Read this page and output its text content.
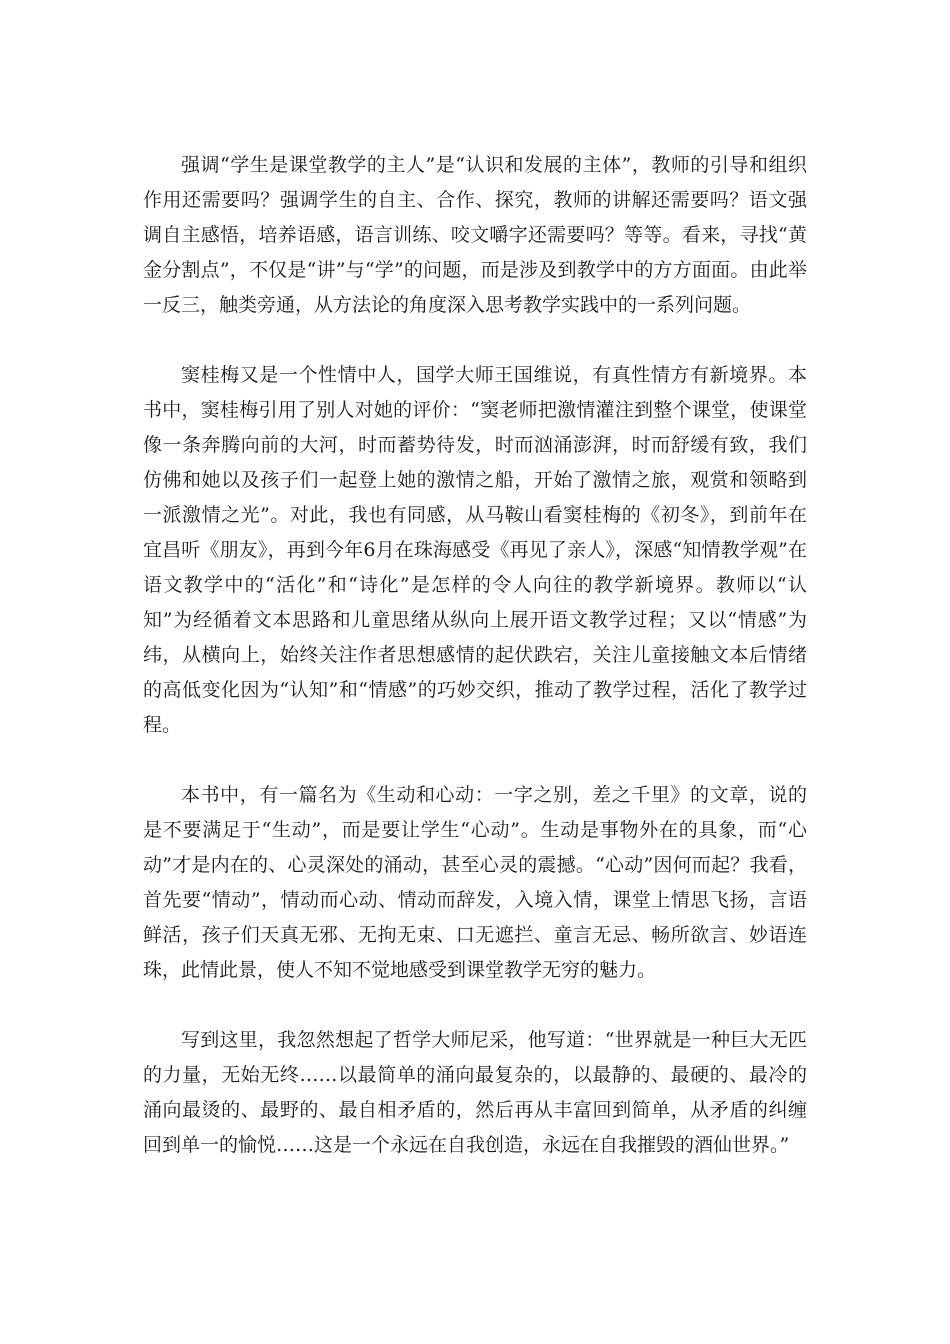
强调“学生是课堂教学的主人”是“认识和发展的主体”，教师的引导和组织作用还需要吗？强调学生的自主、合作、探究，教师的讲解还需要吗？语文强调自主感悟，培养语感，语言训练、咬文嚼字还需要吗？等等。看来，寻找“黄金分割点”，不仅是“讲”与“学”的问题，而是涉及到教学中的方方面面。由此举一反三，触类旁通，从方法论的角度深入思考教学实践中的一系列问题。

窦桂梅又是一个性情中人，国学大师王国维说，有真性情方有新境界。本书中，窦桂梅引用了别人对她的评价：“窦老师把激情灌注到整个课堂，使课堂像一条奔腾向前的大河，时而蓄势待发，时而汹涌澎湃，时而舒缓有致，我们仿佛和她以及孩子们一起登上她的激情之船，开始了激情之旅，观赏和领略到一派激情之光”。对此，我也有同感，从马鞍山看窦桂梅的《初冬》，到前年在宜昌听《朋友》，再到今年6月在珠海感受《再见了亲人》，深感“知情教学观”在语文教学中的“活化”和“诗化”是怎样的令人向往的教学新境界。教师以“认知”为经循着文本思路和儿童思绪从纵向上展开语文教学过程；又以“情感”为纬，从横向上，始终关注作者思想感情的起伏跌宕，关注儿童接触文本后情绪的高低变化因为“认知”和“情感”的巧妙交织，推动了教学过程，活化了教学过程。

本书中，有一篇名为《生动和心动：一字之别，差之千里》的文章，说的是不要满足于“生动”，而是要让学生“心动”。生动是事物外在的具象，而“心动”才是内在的、心灵深处的涌动，甚至心灵的震撼。“心动”因何而起？我看，首先要“情动”，情动而心动、情动而辞发，入境入情，课堂上情思飞扬，言语鲜活，孩子们天真无邪、无拘无束、口无遮拦、童言无忌、畅所欲言、妙语连珠，此情此景，使人不知不觉地感受到课堂教学无穷的魅力。

写到这里，我忽然想起了哲学大师尼采，他写道：“世界就是一种巨大无匹的力量，无始无终……以最简单的涌向最复杂的，以最静的、最硬的、最冷的涌向最烫的、最野的、最自相矛盾的，然后再从丰富回到简单，从矛盾的纠缠回到单一的愉悦……这是一个永远在自我创造，永远在自我摧毁的酒仙世界。”
